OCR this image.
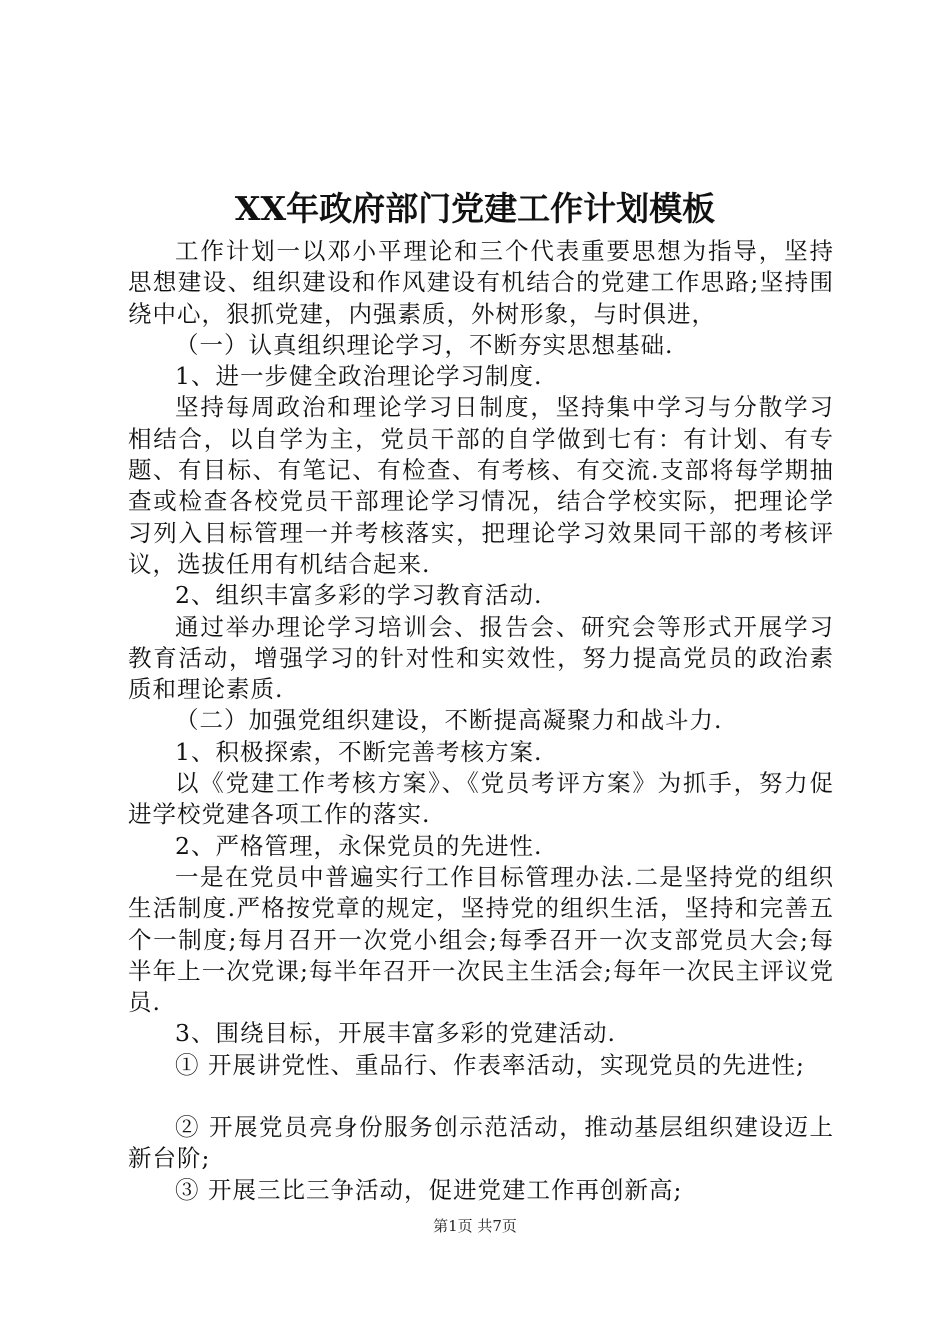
XX年政府部门党建工作计划模板

工作计划一以邓小平理论和三个代表重要思想为指导，坚持思想建设、组织建设和作风建设有机结合的党建工作思路;坚持围绕中心，狠抓党建，内强素质，外树形象，与时俱进，

（一）认真组织理论学习，不断夯实思想基础.

1、进一步健全政治理论学习制度.

坚持每周政治和理论学习日制度，坚持集中学习与分散学习相结合，以自学为主，党员干部的自学做到七有：有计划、有专题、有目标、有笔记、有检查、有考核、有交流.支部将每学期抽查或检查各校党员干部理论学习情况，结合学校实际，把理论学习列入目标管理一并考核落实，把理论学习效果同干部的考核评议，选拔任用有机结合起来.

2、组织丰富多彩的学习教育活动.

通过举办理论学习培训会、报告会、研究会等形式开展学习教育活动，增强学习的针对性和实效性，努力提高党员的政治素质和理论素质.

（二）加强党组织建设，不断提高凝聚力和战斗力.

1、积极探索，不断完善考核方案.

以《党建工作考核方案》、《党员考评方案》为抓手，努力促进学校党建各项工作的落实.

2、严格管理，永保党员的先进性.

一是在党员中普遍实行工作目标管理办法.二是坚持党的组织生活制度.严格按党章的规定，坚持党的组织生活，坚持和完善五个一制度;每月召开一次党小组会;每季召开一次支部党员大会;每半年上一次党课;每半年召开一次民主生活会;每年一次民主评议党员.

3、围绕目标，开展丰富多彩的党建活动.

① 开展讲党性、重品行、作表率活动，实现党员的先进性;

② 开展党员亮身份服务创示范活动，推动基层组织建设迈上新台阶;

③ 开展三比三争活动，促进党建工作再创新高;

第1页 共7页
